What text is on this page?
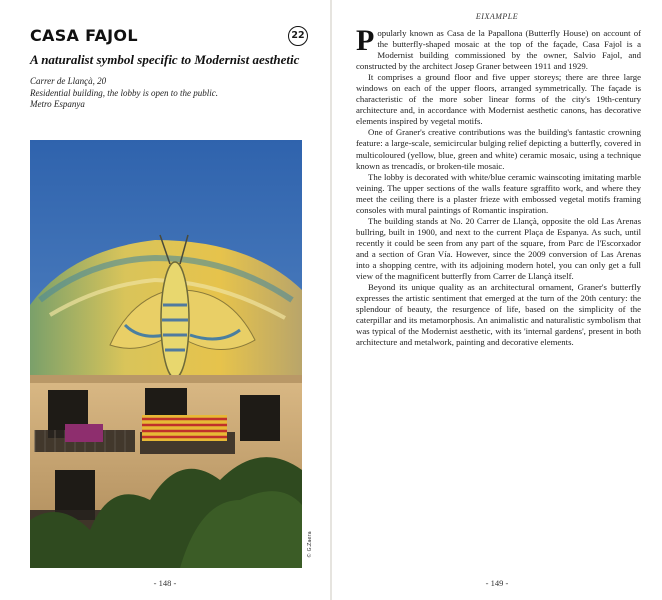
CASA FAJOL	22
A naturalist symbol specific to Modernist aesthetic
Carrer de Llançà, 20
Residential building, the lobby is open to the public.
Metro Espanya
© G.Zaera
- 148 -
EIXAMPLE

Popularly known as Casa de la Papallona (Butterfly House) on account of the butterfly-shaped mosaic at the top of the façade, Casa Fajol is a Modernist building commissioned by the owner, Salvio Fajol, and constructed by the architect Josep Graner between 1911 and 1929.

It comprises a ground floor and five upper storeys; there are three large windows on each of the upper floors, arranged symmetrically. The façade is characteristic of the more sober linear forms of the city's 19th-century architecture and, in accordance with Modernist aesthetic canons, has decorative elements inspired by vegetal motifs.

One of Graner's creative contributions was the building's fantastic crowning feature: a large-scale, semicircular bulging relief depicting a butterfly, covered in multicoloured (yellow, blue, green and white) ceramic mosaic, using a technique known as trencadís, or broken-tile mosaic.

The lobby is decorated with white/blue ceramic wainscoting imitating marble veining. The upper sections of the walls feature sgraffito work, and where they meet the ceiling there is a plaster frieze with embossed vegetal motifs framing consoles with mural paintings of Romantic inspiration.

The building stands at No. 20 Carrer de Llançà, opposite the old Las Arenas bullring, built in 1900, and next to the current Plaça de Espanya. As such, until recently it could be seen from any part of the square, from Parc de l'Escorxador and a section of Gran Vía. However, since the 2009 conversion of Las Arenas into a shopping centre, with its adjoining modern hotel, you can only get a full view of the magnificent butterfly from Carrer de Llançà itself.

Beyond its unique quality as an architectural ornament, Graner's butterfly expresses the artistic sentiment that emerged at the turn of the 20th century: the splendour of beauty, the resurgence of life, based on the simplicity of the caterpillar and its metamorphosis. An animalistic and naturalistic symbolism that was typical of the Modernist aesthetic, with its 'internal gardens', present in both architecture and metalwork, painting and decorative elements.

- 149 -
